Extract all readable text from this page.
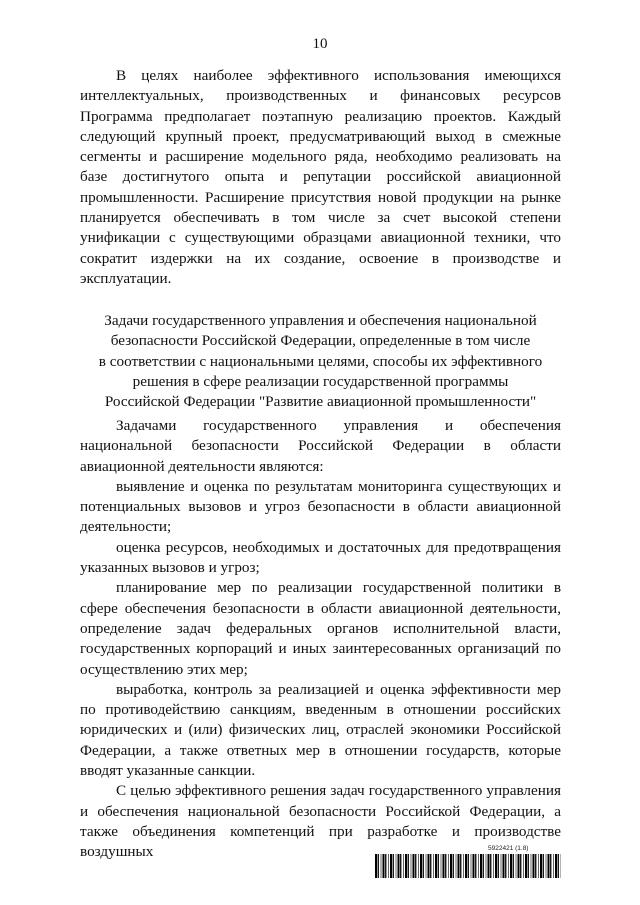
10

В целях наиболее эффективного использования имеющихся интеллектуальных, производственных и финансовых ресурсов Программа предполагает поэтапную реализацию проектов. Каждый следующий крупный проект, предусматривающий выход в смежные сегменты и расширение модельного ряда, необходимо реализовать на базе достигнутого опыта и репутации российской авиационной промышленности. Расширение присутствия новой продукции на рынке планируется обеспечивать в том числе за счет высокой степени унификации с существующими образцами авиационной техники, что сократит издержки на их создание, освоение в производстве и эксплуатации.

Задачи государственного управления и обеспечения национальной
безопасности Российской Федерации, определенные в том числе
в соответствии с национальными целями, способы их эффективного
решения в сфере реализации государственной программы
Российской Федерации "Развитие авиационной промышленности"

Задачами государственного управления и обеспечения национальной безопасности Российской Федерации в области авиационной деятельности являются:

выявление и оценка по результатам мониторинга существующих и потенциальных вызовов и угроз безопасности в области авиационной деятельности;

оценка ресурсов, необходимых и достаточных для предотвращения указанных вызовов и угроз;

планирование мер по реализации государственной политики в сфере обеспечения безопасности в области авиационной деятельности, определение задач федеральных органов исполнительной власти, государственных корпораций и иных заинтересованных организаций по осуществлению этих мер;

выработка, контроль за реализацией и оценка эффективности мер по противодействию санкциям, введенным в отношении российских юридических и (или) физических лиц, отраслей экономики Российской Федерации, а также ответных мер в отношении государств, которые вводят указанные санкции.

С целью эффективного решения задач государственного управления и обеспечения национальной безопасности Российской Федерации, а также объединения компетенций при разработке и производстве воздушных	5922421 (1.8)
